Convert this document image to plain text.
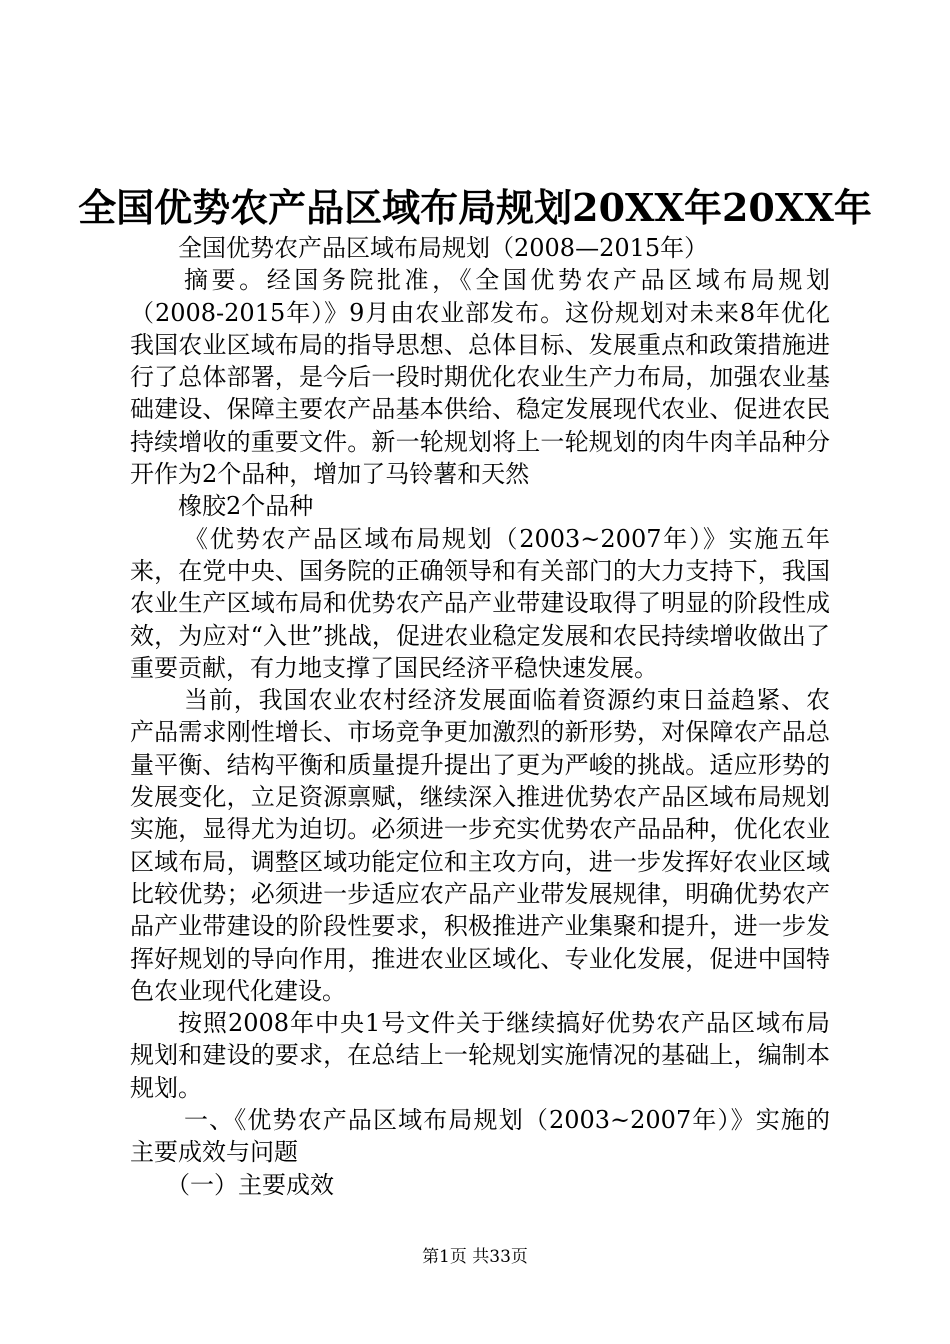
全国优势农产品区域布局规划20XX年20XX年

全国优势农产品区域布局规划（2008—2015年）

摘要。经国务院批准，《全国优势农产品区域布局规划（2008-2015年）》9月由农业部发布。这份规划对未来8年优化我国农业区域布局的指导思想、总体目标、发展重点和政策措施进行了总体部署，是今后一段时期优化农业生产力布局，加强农业基础建设、保障主要农产品基本供给、稳定发展现代农业、促进农民持续增收的重要文件。新一轮规划将上一轮规划的肉牛肉羊品种分开作为2个品种，增加了马铃薯和天然

橡胶2个品种

《优势农产品区域布局规划（2003~2007年）》实施五年来，在党中央、国务院的正确领导和有关部门的大力支持下，我国农业生产区域布局和优势农产品产业带建设取得了明显的阶段性成效，为应对“入世”挑战，促进农业稳定发展和农民持续增收做出了重要贡献，有力地支撑了国民经济平稳快速发展。

当前，我国农业农村经济发展面临着资源约束日益趋紧、农产品需求刚性增长、市场竞争更加激烈的新形势，对保障农产品总量平衡、结构平衡和质量提升提出了更为严峻的挑战。适应形势的发展变化，立足资源禀赋，继续深入推进优势农产品区域布局规划实施，显得尤为迫切。必须进一步充实优势农产品品种，优化农业区域布局，调整区域功能定位和主攻方向，进一步发挥好农业区域比较优势；必须进一步适应农产品产业带发展规律，明确优势农产品产业带建设的阶段性要求，积极推进产业集聚和提升，进一步发挥好规划的导向作用，推进农业区域化、专业化发展，促进中国特色农业现代化建设。

按照2008年中央1号文件关于继续搞好优势农产品区域布局规划和建设的要求，在总结上一轮规划实施情况的基础上，编制本规划。

一、《优势农产品区域布局规划（2003~2007年）》实施的主要成效与问题

（一）主要成效

第1页 共33页
